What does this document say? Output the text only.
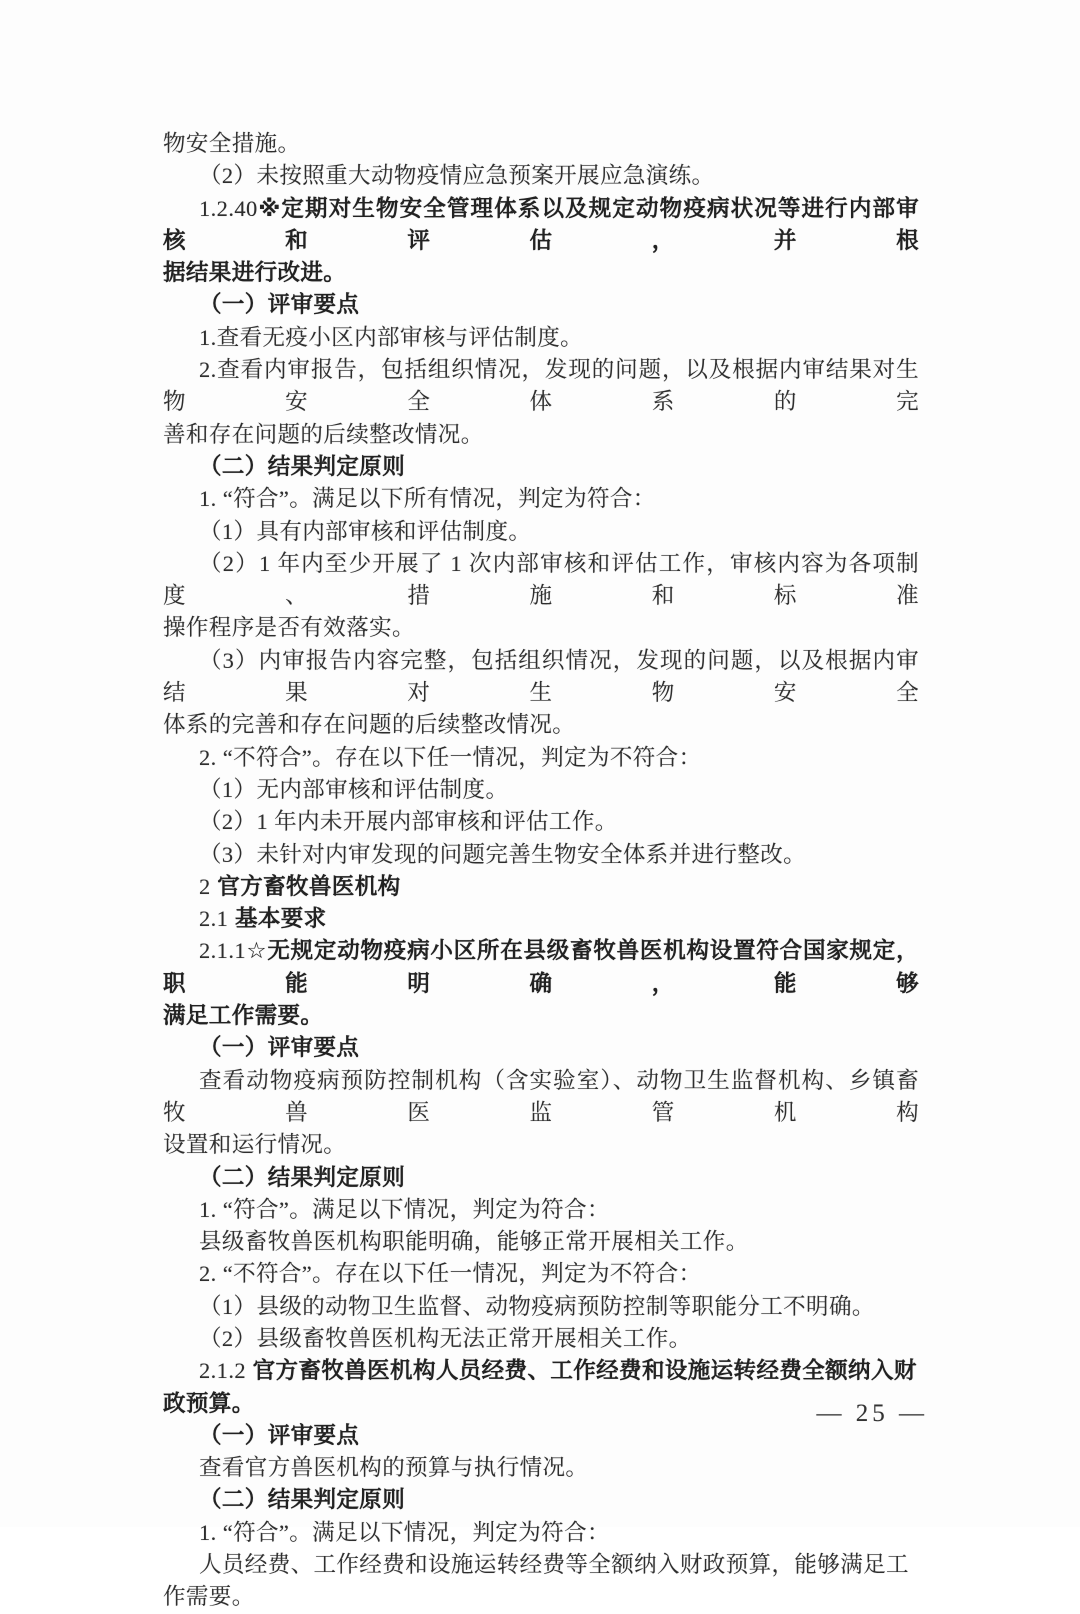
物安全措施。
（2）未按照重大动物疫情应急预案开展应急演练。
1.2.40※定期对生物安全管理体系以及规定动物疫病状况等进行内部审核和评估，并根
据结果进行改进。
（一）评审要点
1.查看无疫小区内部审核与评估制度。
2.查看内审报告，包括组织情况，发现的问题，以及根据内审结果对生物安全体系的完
善和存在问题的后续整改情况。
（二）结果判定原则
1. “符合”。满足以下所有情况，判定为符合：
（1）具有内部审核和评估制度。
（2）1 年内至少开展了 1 次内部审核和评估工作，审核内容为各项制度、措施和标准
操作程序是否有效落实。
（3）内审报告内容完整，包括组织情况，发现的问题，以及根据内审结果对生物安全
体系的完善和存在问题的后续整改情况。
2. “不符合”。存在以下任一情况，判定为不符合：
（1）无内部审核和评估制度。
（2）1 年内未开展内部审核和评估工作。
（3）未针对内审发现的问题完善生物安全体系并进行整改。
2 官方畜牧兽医机构
2.1 基本要求
2.1.1☆无规定动物疫病小区所在县级畜牧兽医机构设置符合国家规定，职能明确，能够
满足工作需要。
（一）评审要点
查看动物疫病预防控制机构（含实验室）、动物卫生监督机构、乡镇畜牧兽医监管机构
设置和运行情况。
（二）结果判定原则
1. “符合”。满足以下情况，判定为符合：
县级畜牧兽医机构职能明确，能够正常开展相关工作。
2. “不符合”。存在以下任一情况，判定为不符合：
（1）县级的动物卫生监督、动物疫病预防控制等职能分工不明确。
（2）县级畜牧兽医机构无法正常开展相关工作。
2.1.2 官方畜牧兽医机构人员经费、工作经费和设施运转经费全额纳入财政预算。
（一）评审要点
查看官方兽医机构的预算与执行情况。
（二）结果判定原则
1. “符合”。满足以下情况，判定为符合：
人员经费、工作经费和设施运转经费等全额纳入财政预算，能够满足工作需要。
— 25 —
